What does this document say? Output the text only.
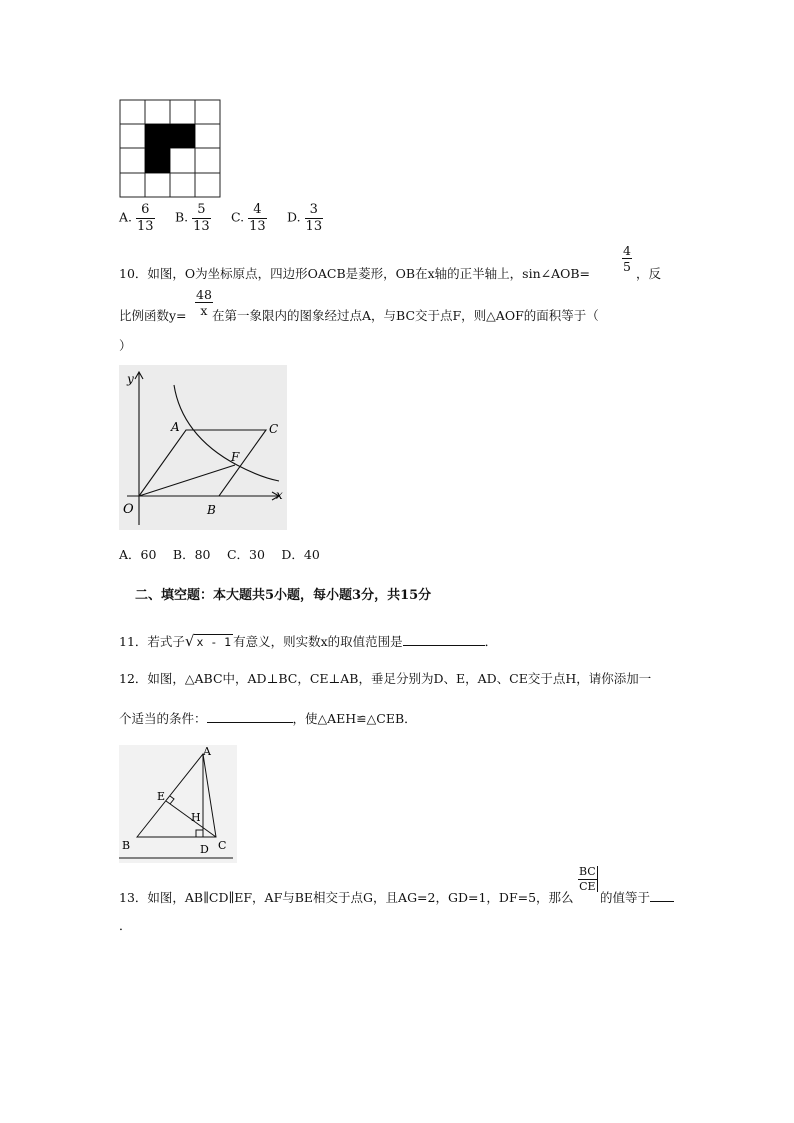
A. $\frac{6}{13} B$. $\frac{5}{13} C$. $\frac{4}{13} D$. $\frac{3}{13}$
10．如图，O为坐标原点，四边形OACB是菱形，OB在x轴的正半轴上，sin∠AOB=
$\frac{4}{5}$
，反
比例函数$y= \frac{48}{x}$ 在第一象限内的图象经过点A，与BC交于点F，则△AOF的面积等于（
）
y
x
O
A
B
C
F
A．60　 B．80　 C．30　 D．40
二、填空题：本大题共5小题，每小题3分，共15分
11．若式子√ x - 1 有意义，则实数x的取值范围是	．
12．如图，△ABC中，AD⊥BC，CE⊥AB，垂足分别为D、E，AD、CE交于点H，请你添加一
个适当的条件：	，使△AEH≌△CEB．
A
B	C
D
E
H
13．如图，AB∥CD∥EF，AF与BE相交于点G，且AG=2，GD=1，DF=5，那么
$\frac{BC}{CE}$
的值等于
．
